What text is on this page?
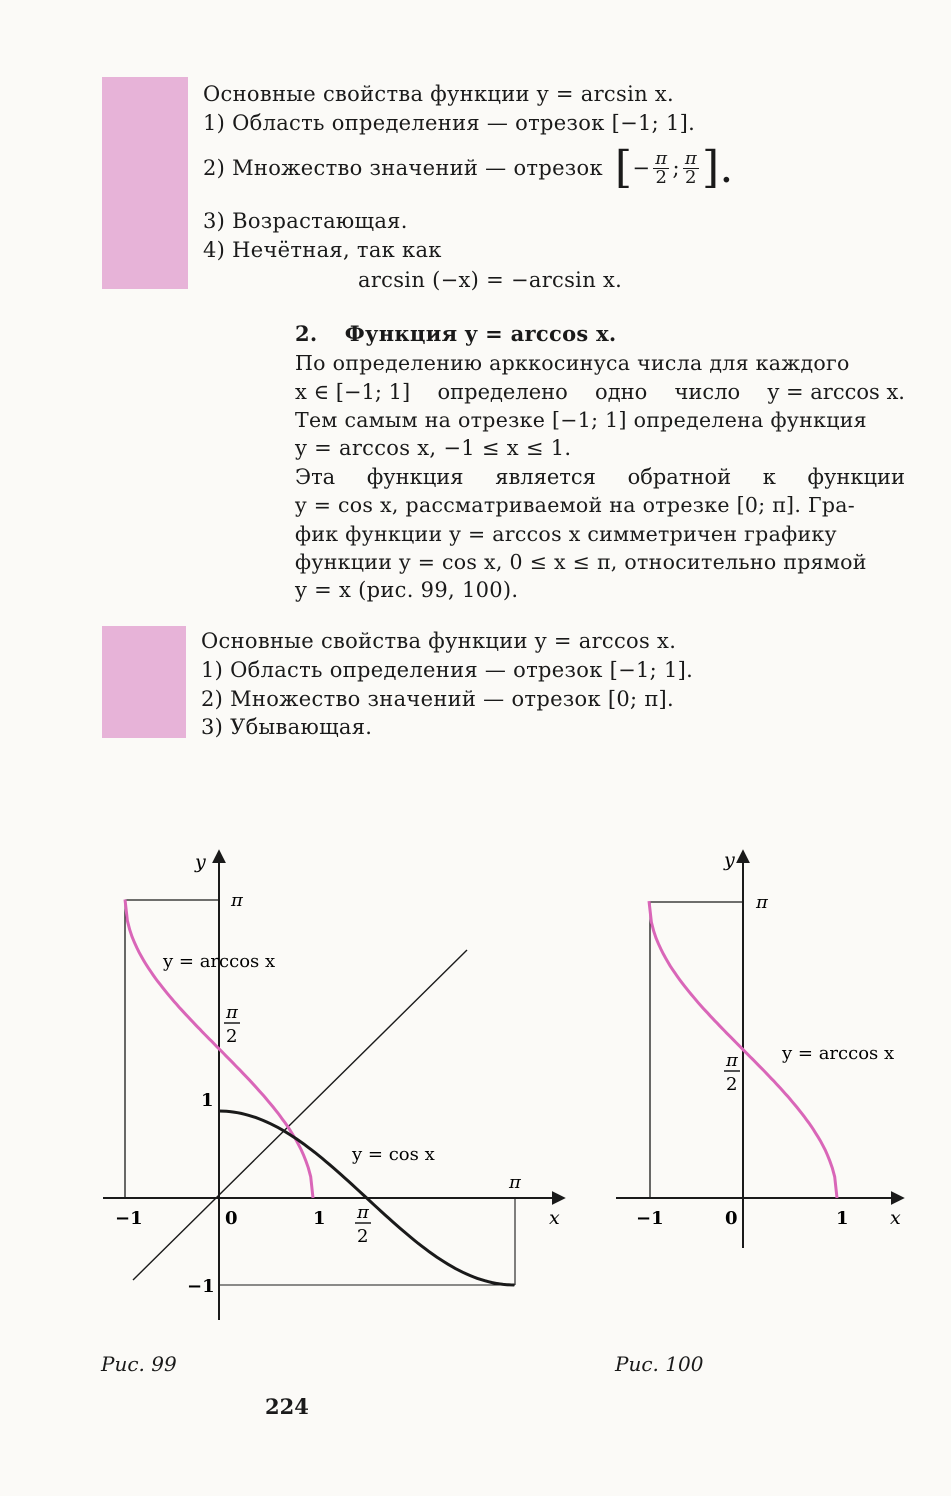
Основные свойства функции y = arcsin x.
1) Область определения — отрезок [−1; 1].
2) Множество значений — отрезок [ − $\frac{\pi}{2}$ ; $\frac{\pi}{2}$ ].
3) Возрастающая.
4) Нечётная, так как
arcsin (−x) = −arcsin x.
2. Функция y = arccos x.
По определению арккосинуса числа для каждого
x ∈ [−1; 1] определено одно число y = arccos x.
Тем самым на отрезке [−1; 1] определена функция
y = arccos x, −1 ≤ x ≤ 1.
Эта функция является обратной к функции
y = cos x, рассматриваемой на отрезке [0; π]. Гра-
фик функции y = arccos x симметричен графику
функции y = cos x, 0 ≤ x ≤ π, относительно прямой
y = x (рис. 99, 100).
Основные свойства функции y = arccos x.
1) Область определения — отрезок [−1; 1].
2) Множество значений — отрезок [0; π].
3) Убывающая.
y
x
π
π
π
2
π
2
1
−1
−1	0	1
y = arccos x
y = cos x
Рис. 99
y
x
π
π
2
−1	0	1
y = arccos x
Рис. 100
224
